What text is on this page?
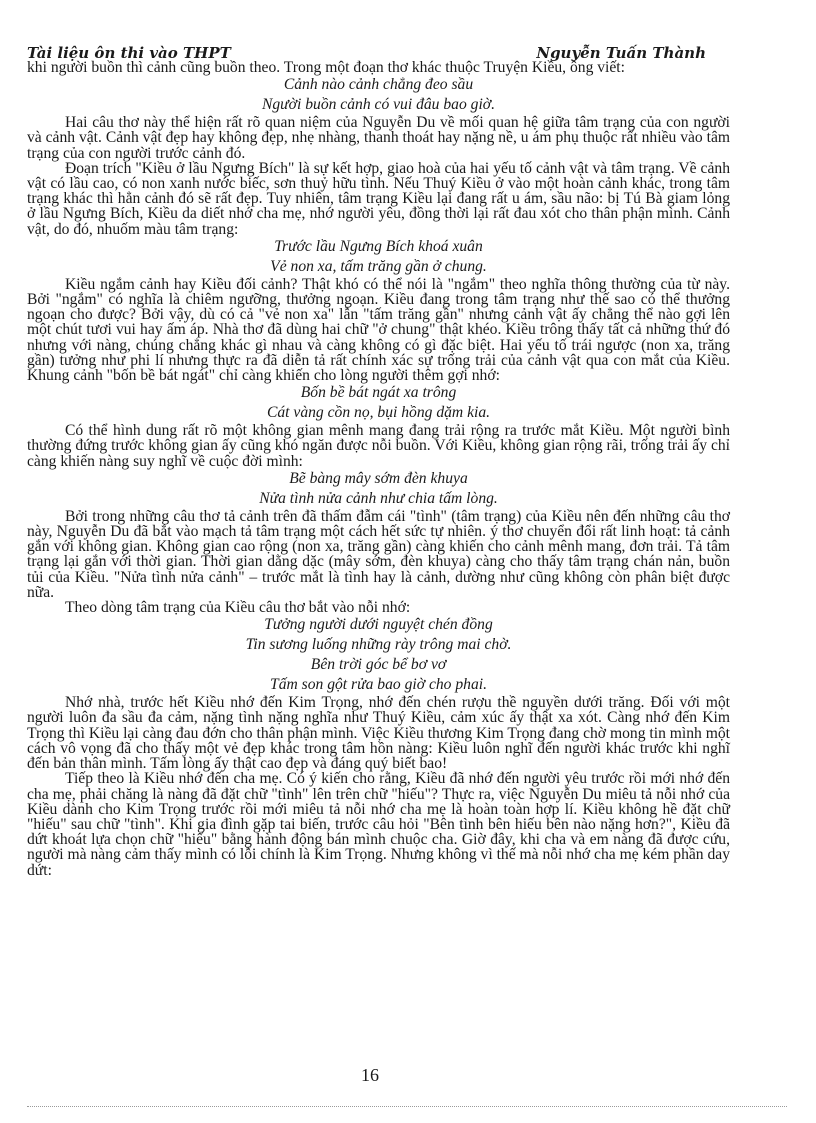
Tài liệu ôn thi vào THPT	Nguyễn Tuấn Thành

khi người buồn thì cảnh cũng buồn theo. Trong một đoạn thơ khác thuộc Truyện Kiều, ông viết:

Cảnh nào cảnh chẳng đeo sầu

Người buồn cảnh có vui đâu bao giờ.

Hai câu thơ này thể hiện rất rõ quan niệm của Nguyễn Du về mối quan hệ giữa tâm trạng của con người và cảnh vật. Cảnh vật đẹp hay không đẹp, nhẹ nhàng, thanh thoát hay nặng nề, u ám phụ thuộc rất nhiều vào tâm trạng của con người trước cảnh đó.

Đoạn trích "Kiều ở lầu Ngưng Bích" là sự kết hợp, giao hoà của hai yếu tố cảnh vật và tâm trạng. Về cảnh vật có lầu cao, có non xanh nước biếc, sơn thuỷ hữu tình. Nếu Thuý Kiều ở vào một hoàn cảnh khác, trong tâm trạng khác thì hẳn cảnh đó sẽ rất đẹp. Tuy nhiên, tâm trạng Kiều lại đang rất u ám, sầu não: bị Tú Bà giam lỏng ở lầu Ngưng Bích, Kiều da diết nhớ cha mẹ, nhớ người yêu, đồng thời lại rất đau xót cho thân phận mình. Cảnh vật, do đó, nhuốm màu tâm trạng:

Trước lầu Ngưng Bích khoá xuân

Vẻ non xa, tấm trăng gần ở chung.

Kiều ngắm cảnh hay Kiều đối cảnh? Thật khó có thể nói là "ngắm" theo nghĩa thông thường của từ này. Bởi "ngắm" có nghĩa là chiêm ngưỡng, thưởng ngoạn. Kiều đang trong tâm trạng như thế sao có thể thưởng ngoạn cho được? Bởi vậy, dù có cả "vẻ non xa" lẫn "tấm trăng gần" nhưng cảnh vật ấy chẳng thể nào gợi lên một chút tươi vui hay ấm áp. Nhà thơ đã dùng hai chữ "ở chung" thật khéo. Kiều trông thấy tất cả những thứ đó nhưng với nàng, chúng chẳng khác gì nhau và càng không có gì đặc biệt. Hai yếu tố trái ngược (non xa, trăng gần) tưởng như phi lí nhưng thực ra đã diễn tả rất chính xác sự trống trải của cảnh vật qua con mắt của Kiều. Khung cảnh "bốn bề bát ngát" chỉ càng khiến cho lòng người thêm gợi nhớ:

Bốn bề bát ngát xa trông

Cát vàng cồn nọ, bụi hồng dặm kia.

Có thể hình dung rất rõ một không gian mênh mang đang trải rộng ra trước mắt Kiều. Một người bình thường đứng trước không gian ấy cũng khó ngăn được nỗi buồn. Với Kiều, không gian rộng rãi, trống trải ấy chỉ càng khiến nàng suy nghĩ về cuộc đời mình:

Bẽ bàng mây sớm đèn khuya

Nửa tình nửa cảnh như chia tấm lòng.

Bởi trong những câu thơ tả cảnh trên đã thấm đẫm cái "tình" (tâm trạng) của Kiều nên đến những câu thơ này, Nguyễn Du đã bắt vào mạch tả tâm trạng một cách hết sức tự nhiên. ý thơ chuyển đổi rất linh hoạt: tả cảnh gắn với không gian. Không gian cao rộng (non xa, trăng gần) càng khiến cho cảnh mênh mang, đơn trải. Tả tâm trạng lại gắn với thời gian. Thời gian dằng dặc (mây sớm, đèn khuya) càng cho thấy tâm trạng chán nản, buồn tủi của Kiều. "Nửa tình nửa cảnh" – trước mắt là tình hay là cảnh, dường như cũng không còn phân biệt được nữa.

Theo dòng tâm trạng của Kiều câu thơ bắt vào nỗi nhớ:

Tưởng người dưới nguyệt chén đồng

Tin sương luống những rày trông mai chờ.

Bên trời góc bể bơ vơ

Tấm son gột rửa bao giờ cho phai.

Nhớ nhà, trước hết Kiều nhớ đến Kim Trọng, nhớ đến chén rượu thề nguyền dưới trăng. Đối với một người luôn đa sầu đa cảm, nặng tình nặng nghĩa như Thuý Kiều, cảm xúc ấy thật xa xót. Càng nhớ đến Kim Trọng thì Kiều lại càng đau đớn cho thân phận mình. Việc Kiều thương Kim Trọng đang chờ mong tin mình một cách vô vọng đã cho thấy một vẻ đẹp khác trong tâm hồn nàng: Kiều luôn nghĩ đến người khác trước khi nghĩ đến bản thân mình. Tấm lòng ấy thật cao đẹp và đáng quý biết bao!

Tiếp theo là Kiều nhớ đến cha mẹ. Có ý kiến cho rằng, Kiều đã nhớ đến người yêu trước rồi mới nhớ đến cha mẹ, phải chăng là nàng đã đặt chữ "tình" lên trên chữ "hiếu"? Thực ra, việc Nguyễn Du miêu tả nỗi nhớ của Kiều dành cho Kim Trọng trước rồi mới miêu tả nỗi nhớ cha mẹ là hoàn toàn hợp lí. Kiều không hề đặt chữ "hiếu" sau chữ "tình". Khi gia đình gặp tai biến, trước câu hỏi "Bên tình bên hiếu bên nào nặng hơn?", Kiều đã dứt khoát lựa chọn chữ "hiếu" bằng hành động bán mình chuộc cha. Giờ đây, khi cha và em nàng đã được cứu, người mà nàng cảm thấy mình có lỗi chính là Kim Trọng. Nhưng không vì thế mà nỗi nhớ cha mẹ kém phần day dứt:

16
